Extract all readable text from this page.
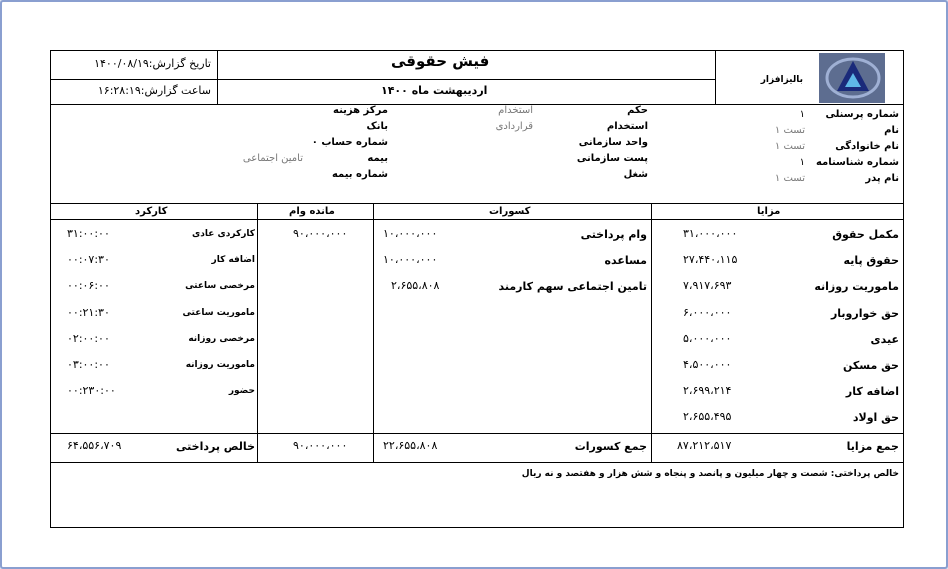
بالیزافزار
فیش حقوقی
اردیبهشت ماه ۱۴۰۰
تاریخ گزارش:۱۴۰۰/۰۸/۱۹
ساعت گزارش:۱۶:۲۸:۱۹
شماره پرسنلی
نام
نام خانوادگی
شماره شناسنامه
نام پدر
۱
تست ۱
تست ۱
۱
تست ۱
حکم
استخدام
واحد سازمانی
پست سازمانی
شغل
استخدام
قراردادی
مرکز هزینه
بانک
شماره حساب ۰
بیمه
شماره بیمه
تامین اجتماعی
مزایا
کسورات
مانده وام
کارکرد
مکمل حقوق
حقوق پایه
ماموریت روزانه
حق خواروبار
عیدی
حق مسکن
اضافه کار
حق اولاد
۳۱،۰۰۰،۰۰۰
۲۷،۴۴۰،۱۱۵
۷،۹۱۷،۶۹۳
۶،۰۰۰،۰۰۰
۵،۰۰۰،۰۰۰
۴،۵۰۰،۰۰۰
۲،۶۹۹،۲۱۴
۲،۶۵۵،۴۹۵
وام پرداختی
مساعده
تامین اجتماعی سهم کارمند
۱۰،۰۰۰،۰۰۰
۱۰،۰۰۰،۰۰۰
۲،۶۵۵،۸۰۸
۹۰،۰۰۰،۰۰۰
کارکردی عادی
اضافه کار
مرخصی ساعتی
ماموریت ساعتی
مرخصی روزانه
ماموریت روزانه
حضور
۳۱:۰۰:۰۰
۰۰:۰۷:۳۰
۰۰:۰۶:۰۰
۰۰:۲۱:۳۰
۰۲:۰۰:۰۰
۰۳:۰۰:۰۰
۰۰:۲۳۰:۰۰
جمع مزایا
۸۷،۲۱۲،۵۱۷
جمع کسورات
۲۲،۶۵۵،۸۰۸
۹۰،۰۰۰،۰۰۰
خالص پرداختی
۶۴،۵۵۶،۷۰۹
خالص پرداختی: شصت و چهار میلیون و پانصد و پنجاه و شش هزار و هفتصد و نه ریال
